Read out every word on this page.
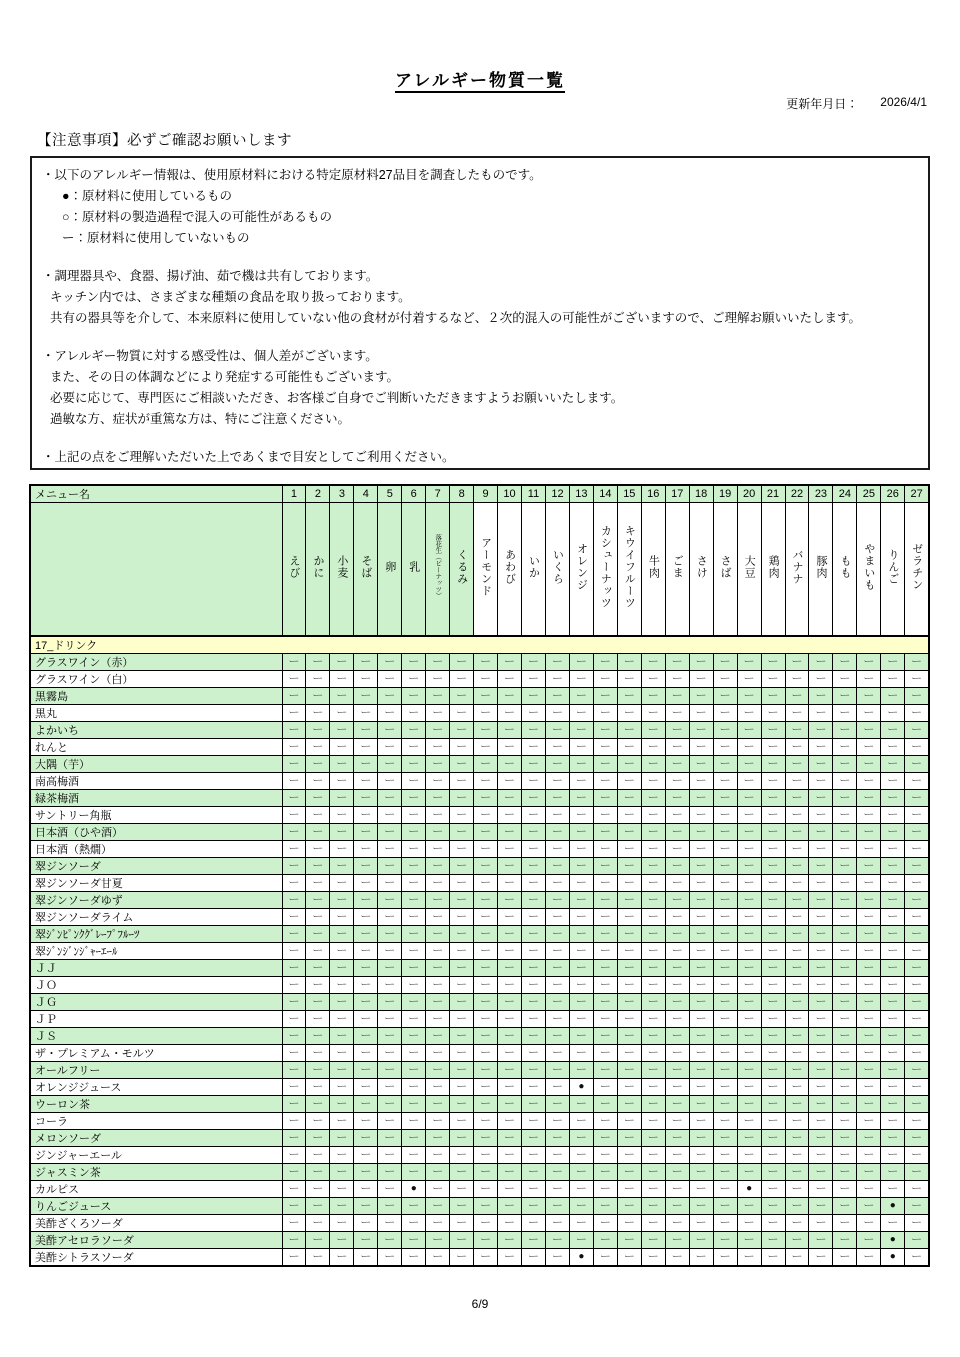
アレルギー物質一覧
更新年月日： 2026/4/1
【注意事項】必ずご確認お願いします

・以下のアレルギー情報は、使用原材料における特定原材料27品目を調査したものです。
●：原材料に使用しているもの
○：原材料の製造過程で混入の可能性があるもの
ー：原材料に使用していないもの

・調理器具や、食器、揚げ油、茹で機は共有しております。
キッチン内では、さまざまな種類の食品を取り扱っております。
共有の器具等を介して、本来原料に使用していない他の食材が付着するなど、２次的混入の可能性がございますので、ご理解お願いいたします。

・アレルギー物質に対する感受性は、個人差がございます。
また、その日の体調などにより発症する可能性もございます。
必要に応じて、専門医にご相談いただき、お客様ご自身でご判断いただきますようお願いいたします。
過敏な方、症状が重篤な方は、特にご注意ください。

・上記の点をご理解いただいた上であくまで目安としてご利用ください。

メニュー名	1	2	3	4	5	6	7	8	9	10	11	12	13	14	15	16	17	18	19	20	21	22	23	24	25	26	27
	えび	かに	小麦	そば	卵	乳	落花生（ピーナッツ）	くるみ	アーモンド	あわび	いか	いくら	オレンジ	カシューナッツ	キウイフルーツ	牛肉	ごま	さけ	さば	大豆	鶏肉	バナナ	豚肉	もも	やまいも	りんご	ゼラチン
17_ドリンク																											
グラスワイン（赤）	ー	ー	ー	ー	ー	ー	ー	ー	ー	ー	ー	ー	ー	ー	ー	ー	ー	ー	ー	ー	ー	ー	ー	ー	ー	ー	ー
グラスワイン（白）	ー	ー	ー	ー	ー	ー	ー	ー	ー	ー	ー	ー	ー	ー	ー	ー	ー	ー	ー	ー	ー	ー	ー	ー	ー	ー	ー
黒霧島	ー	ー	ー	ー	ー	ー	ー	ー	ー	ー	ー	ー	ー	ー	ー	ー	ー	ー	ー	ー	ー	ー	ー	ー	ー	ー	ー
黒丸	ー	ー	ー	ー	ー	ー	ー	ー	ー	ー	ー	ー	ー	ー	ー	ー	ー	ー	ー	ー	ー	ー	ー	ー	ー	ー	ー
よかいち	ー	ー	ー	ー	ー	ー	ー	ー	ー	ー	ー	ー	ー	ー	ー	ー	ー	ー	ー	ー	ー	ー	ー	ー	ー	ー	ー
れんと	ー	ー	ー	ー	ー	ー	ー	ー	ー	ー	ー	ー	ー	ー	ー	ー	ー	ー	ー	ー	ー	ー	ー	ー	ー	ー	ー
大隅（芋）	ー	ー	ー	ー	ー	ー	ー	ー	ー	ー	ー	ー	ー	ー	ー	ー	ー	ー	ー	ー	ー	ー	ー	ー	ー	ー	ー
南高梅酒	ー	ー	ー	ー	ー	ー	ー	ー	ー	ー	ー	ー	ー	ー	ー	ー	ー	ー	ー	ー	ー	ー	ー	ー	ー	ー	ー
緑茶梅酒	ー	ー	ー	ー	ー	ー	ー	ー	ー	ー	ー	ー	ー	ー	ー	ー	ー	ー	ー	ー	ー	ー	ー	ー	ー	ー	ー
サントリー角瓶	ー	ー	ー	ー	ー	ー	ー	ー	ー	ー	ー	ー	ー	ー	ー	ー	ー	ー	ー	ー	ー	ー	ー	ー	ー	ー	ー
日本酒（ひや酒）	ー	ー	ー	ー	ー	ー	ー	ー	ー	ー	ー	ー	ー	ー	ー	ー	ー	ー	ー	ー	ー	ー	ー	ー	ー	ー	ー
日本酒（熱燗）	ー	ー	ー	ー	ー	ー	ー	ー	ー	ー	ー	ー	ー	ー	ー	ー	ー	ー	ー	ー	ー	ー	ー	ー	ー	ー	ー
翠ジンソーダ	ー	ー	ー	ー	ー	ー	ー	ー	ー	ー	ー	ー	ー	ー	ー	ー	ー	ー	ー	ー	ー	ー	ー	ー	ー	ー	ー
翠ジンソーダ甘夏	ー	ー	ー	ー	ー	ー	ー	ー	ー	ー	ー	ー	ー	ー	ー	ー	ー	ー	ー	ー	ー	ー	ー	ー	ー	ー	ー
翠ジンソーダゆず	ー	ー	ー	ー	ー	ー	ー	ー	ー	ー	ー	ー	ー	ー	ー	ー	ー	ー	ー	ー	ー	ー	ー	ー	ー	ー	ー
翠ジンソーダライム	ー	ー	ー	ー	ー	ー	ー	ー	ー	ー	ー	ー	ー	ー	ー	ー	ー	ー	ー	ー	ー	ー	ー	ー	ー	ー	ー
翠ｼﾞﾝﾋﾟﾝｸｸﾞﾚｰﾌﾟﾌﾙｰﾂ	ー	ー	ー	ー	ー	ー	ー	ー	ー	ー	ー	ー	ー	ー	ー	ー	ー	ー	ー	ー	ー	ー	ー	ー	ー	ー	ー
翠ｼﾞﾝｼﾞﾝｼﾞｬｰｴｰﾙ	ー	ー	ー	ー	ー	ー	ー	ー	ー	ー	ー	ー	ー	ー	ー	ー	ー	ー	ー	ー	ー	ー	ー	ー	ー	ー	ー
ＪＪ	ー	ー	ー	ー	ー	ー	ー	ー	ー	ー	ー	ー	ー	ー	ー	ー	ー	ー	ー	ー	ー	ー	ー	ー	ー	ー	ー
ＪＯ	ー	ー	ー	ー	ー	ー	ー	ー	ー	ー	ー	ー	ー	ー	ー	ー	ー	ー	ー	ー	ー	ー	ー	ー	ー	ー	ー
ＪＧ	ー	ー	ー	ー	ー	ー	ー	ー	ー	ー	ー	ー	ー	ー	ー	ー	ー	ー	ー	ー	ー	ー	ー	ー	ー	ー	ー
ＪＰ	ー	ー	ー	ー	ー	ー	ー	ー	ー	ー	ー	ー	ー	ー	ー	ー	ー	ー	ー	ー	ー	ー	ー	ー	ー	ー	ー
ＪＳ	ー	ー	ー	ー	ー	ー	ー	ー	ー	ー	ー	ー	ー	ー	ー	ー	ー	ー	ー	ー	ー	ー	ー	ー	ー	ー	ー
ザ・プレミアム・モルツ	ー	ー	ー	ー	ー	ー	ー	ー	ー	ー	ー	ー	ー	ー	ー	ー	ー	ー	ー	ー	ー	ー	ー	ー	ー	ー	ー
オールフリー	ー	ー	ー	ー	ー	ー	ー	ー	ー	ー	ー	ー	ー	ー	ー	ー	ー	ー	ー	ー	ー	ー	ー	ー	ー	ー	ー
オレンジジュース	ー	ー	ー	ー	ー	ー	ー	ー	ー	ー	ー	ー	●	ー	ー	ー	ー	ー	ー	ー	ー	ー	ー	ー	ー	ー	ー
ウーロン茶	ー	ー	ー	ー	ー	ー	ー	ー	ー	ー	ー	ー	ー	ー	ー	ー	ー	ー	ー	ー	ー	ー	ー	ー	ー	ー	ー
コーラ	ー	ー	ー	ー	ー	ー	ー	ー	ー	ー	ー	ー	ー	ー	ー	ー	ー	ー	ー	ー	ー	ー	ー	ー	ー	ー	ー
メロンソーダ	ー	ー	ー	ー	ー	ー	ー	ー	ー	ー	ー	ー	ー	ー	ー	ー	ー	ー	ー	ー	ー	ー	ー	ー	ー	ー	ー
ジンジャーエール	ー	ー	ー	ー	ー	ー	ー	ー	ー	ー	ー	ー	ー	ー	ー	ー	ー	ー	ー	ー	ー	ー	ー	ー	ー	ー	ー
ジャスミン茶	ー	ー	ー	ー	ー	ー	ー	ー	ー	ー	ー	ー	ー	ー	ー	ー	ー	ー	ー	ー	ー	ー	ー	ー	ー	ー	ー
カルピス	ー	ー	ー	ー	ー	●	ー	ー	ー	ー	ー	ー	ー	ー	ー	ー	ー	ー	ー	●	ー	ー	ー	ー	ー	ー	ー
りんごジュース	ー	ー	ー	ー	ー	ー	ー	ー	ー	ー	ー	ー	ー	ー	ー	ー	ー	ー	ー	ー	ー	ー	ー	ー	ー	●	ー
美酢ざくろソーダ	ー	ー	ー	ー	ー	ー	ー	ー	ー	ー	ー	ー	ー	ー	ー	ー	ー	ー	ー	ー	ー	ー	ー	ー	ー	ー	ー
美酢アセロラソーダ	ー	ー	ー	ー	ー	ー	ー	ー	ー	ー	ー	ー	ー	ー	ー	ー	ー	ー	ー	ー	ー	ー	ー	ー	ー	●	ー
美酢シトラスソーダ	ー	ー	ー	ー	ー	ー	ー	ー	ー	ー	ー	ー	●	ー	ー	ー	ー	ー	ー	ー	ー	ー	ー	ー	ー	●	ー
6/9
